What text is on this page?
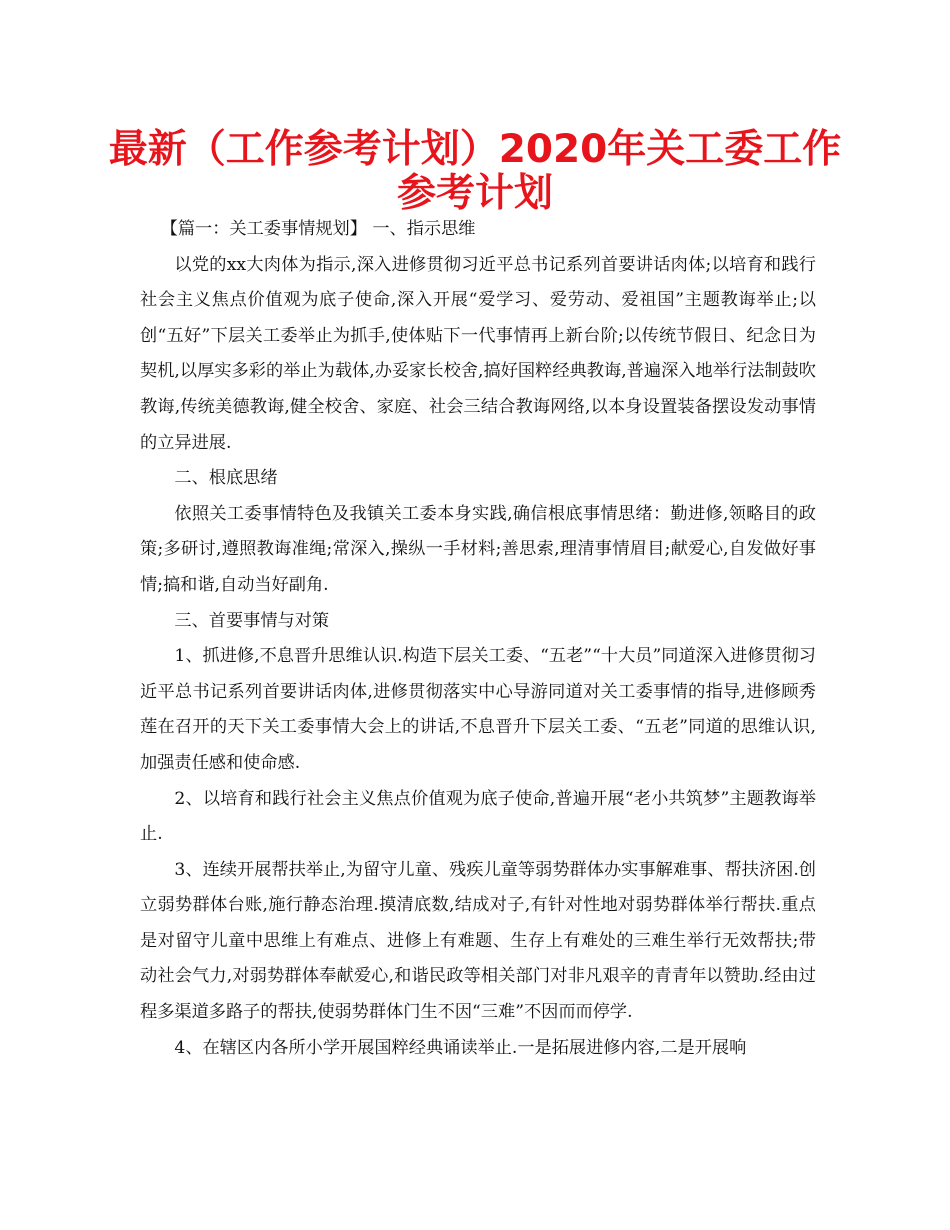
最新（工作参考计划）2020年关工委工作
参考计划

【篇一：关工委事情规划】 一、指示思维

以党的xx大肉体为指示,深入进修贯彻习近平总书记系列首要讲话肉体;以培育和践行社会主义焦点价值观为底子使命,深入开展“爱学习、爱劳动、爱祖国”主题教诲举止;以创“五好”下层关工委举止为抓手,使体贴下一代事情再上新台阶;以传统节假日、纪念日为契机,以厚实多彩的举止为载体,办妥家长校舍,搞好国粹经典教诲,普遍深入地举行法制鼓吹教诲,传统美德教诲,健全校舍、家庭、社会三结合教诲网络,以本身设置装备摆设发动事情的立异进展.

二、根底思绪

依照关工委事情特色及我镇关工委本身实践,确信根底事情思绪：勤进修,领略目的政策;多研讨,遵照教诲准绳;常深入,操纵一手材料;善思索,理清事情眉目;献爱心,自发做好事情;搞和谐,自动当好副角.

三、首要事情与对策

1、抓进修,不息晋升思维认识.构造下层关工委、“五老”“十大员”同道深入进修贯彻习近平总书记系列首要讲话肉体,进修贯彻落实中心导游同道对关工委事情的指导,进修顾秀莲在召开的天下关工委事情大会上的讲话,不息晋升下层关工委、“五老”同道的思维认识,加强责任感和使命感.

2、以培育和践行社会主义焦点价值观为底子使命,普遍开展“老小共筑梦”主题教诲举止.

3、连续开展帮扶举止,为留守儿童、残疾儿童等弱势群体办实事解难事、帮扶济困.创立弱势群体台账,施行静态治理.摸清底数,结成对子,有针对性地对弱势群体举行帮扶.重点是对留守儿童中思维上有难点、进修上有难题、生存上有难处的三难生举行无效帮扶;带动社会气力,对弱势群体奉献爱心,和谐民政等相关部门对非凡艰辛的青青年以赞助.经由过程多渠道多路子的帮扶,使弱势群体门生不因“三难”不因而而停学.

4、在辖区内各所小学开展国粹经典诵读举止.一是拓展进修内容,二是开展响
